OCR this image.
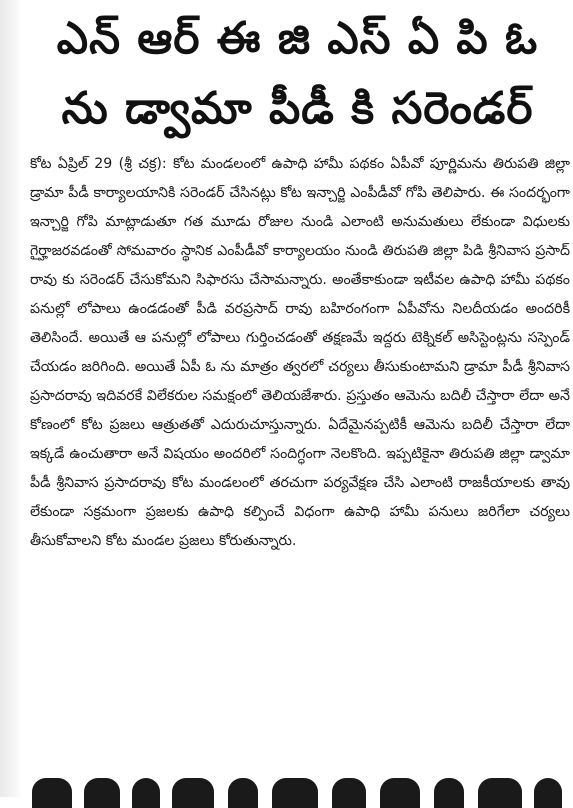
ఎన్ ఆర్ ఈ జి ఎస్ ఏ పి ఓ
ను డ్వామా పీడీ కి సరెండర్

కోట ఏప్రిల్ 29 (శ్రీ చక్ర): కోట మండలంలో ఉపాధి హామీ పథకం ఏపీవో పూర్ణిమను తిరుపతి జిల్లా డ్రామా పీడీ కార్యాలయానికి సరెండర్ చేసినట్లు కోట ఇన్చార్జి ఎంపీడీవో గోపి తెలిపారు. ఈ సందర్భంగా ఇన్చార్జి గోపి మాట్లాడుతూ గత మూడు రోజుల నుండి ఎలాంటి అనుమతులు లేకుండా విధులకు గైర్హాజరవడంతో సోమవారం స్థానిక ఎంపీడీవో కార్యాలయం నుండి తిరుపతి జిల్లా పిడి శ్రీనివాస ప్రసాద్ రావు కు సరెండర్ చేసుకోమని సిఫారసు చేసామన్నారు. అంతేకాకుండా ఇటీవల ఉపాధి హామీ పథకం పనుల్లో లోపాలు ఉండడంతో పీడి వరప్రసాద్ రావు బహిరంగంగా ఏపీవోను నిలదీయడం అందరికీ తెలిసిందే. అయితే ఆ పనుల్లో లోపాలు గుర్తించడంతో తక్షణమే ఇద్దరు టెక్నికల్ అసిస్టెంట్లను సస్పెండ్ చేయడం జరిగింది. అయితే ఏపీ ఓ ను మాత్రం త్వరలో చర్యలు తీసుకుంటామని డ్రామా పీడీ శ్రీనివాస ప్రసాదరావు ఇదివరకే విలేకరుల సమక్షంలో తెలియజేశారు. ప్రస్తుతం ఆమెను బదిలీ చేస్తారా లేదా అనే కోణంలో కోట ప్రజలు ఆత్రుతతో ఎదురుచూస్తున్నారు. ఏదేమైనప్పటికీ ఆమెను బదిలీ చేస్తారా లేదా ఇక్కడే ఉంచుతారా అనే విషయం అందరిలో సందిగ్ధంగా నెలకొంది. ఇప్పటికైనా తిరుపతి జిల్లా డ్వామా పీడీ శ్రీనివాస ప్రసాదరావు కోట మండలంలో తరచుగా పర్యవేక్షణ చేసి ఎలాంటి రాజకీయాలకు తావు లేకుండా సక్రమంగా ప్రజలకు ఉపాధి కల్పించే విధంగా ఉపాధి హామీ పనులు జరిగేలా చర్యలు తీసుకోవాలని కోట మండల ప్రజలు కోరుతున్నారు.
